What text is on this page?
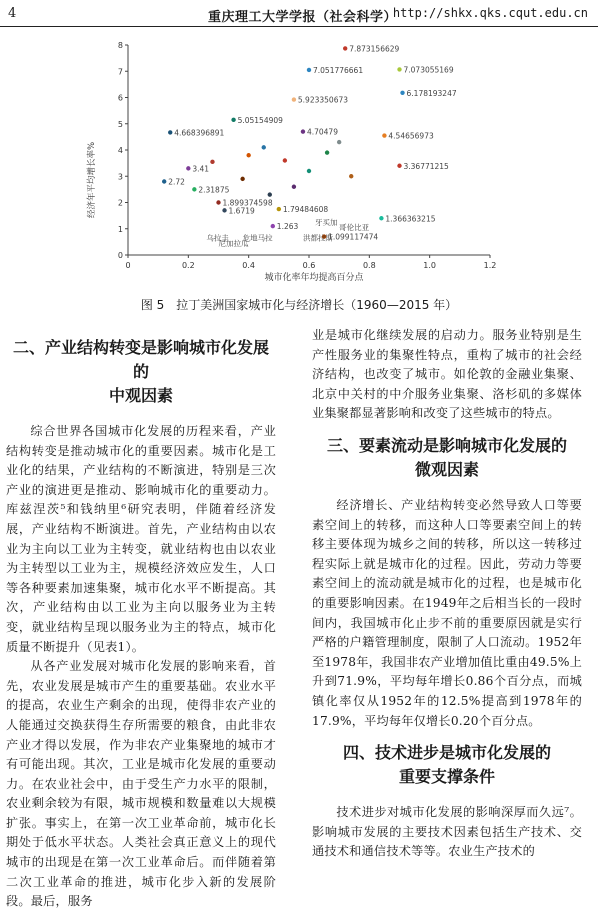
4	重庆理工大学学报（社会科学）
http://shkx.qks.cqut.edu.cn
0	0.2	0.4	0.6	0.8	1.0	1.2
0
1
2
3
4
5
6
7
8	7.873156629
7.051776661	7.073055169
5.923350673
6.178193247
4.668396891
5.05154909
4.70479	4.54656973
3.36771215
3.41
2.72
2.31875
1.899374598
1.6719	1.79484608
1.366363215
1.263
1.099117474
乌拉圭 危地马拉	洪都拉斯
尼加拉瓜
哥伦比亚
牙买加
经济年平均增长率%
城市化率年均提高百分点
图 5　拉丁美洲国家城市化与经济增长（1960—2015 年）
二、产业结构转变是影响城市化发展的
中观因素

综合世界各国城市化发展的历程来看，产业结构转变是推动城市化的重要因素。城市化是工业化的结果，产业结构的不断演进，特别是三次产业的演进更是推动、影响城市化的重要动力。库兹涅茨⁵和钱纳里⁶研究表明，伴随着经济发展，产业结构不断演进。首先，产业结构由以农业为主向以工业为主转变，就业结构也由以农业为主转型以工业为主，规模经济效应发生，人口等各种要素加速集聚，城市化水平不断提高。其次，产业结构由以工业为主向以服务业为主转变，就业结构呈现以服务业为主的特点，城市化质量不断提升（见表1）。

从各产业发展对城市化发展的影响来看，首先，农业发展是城市产生的重要基础。农业水平的提高，农业生产剩余的出现，使得非农产业的人能通过交换获得生存所需要的粮食，由此非农产业才得以发展，作为非农产业集聚地的城市才有可能出现。其次，工业是城市化发展的重要动力。在农业社会中，由于受生产力水平的限制，农业剩余较为有限，城市规模和数量难以大规模扩张。事实上，在第一次工业革命前，城市化长期处于低水平状态。人类社会真正意义上的现代城市的出现是在第一次工业革命后。而伴随着第二次工业革命的推进，城市化步入新的发展阶段。最后，服务

业是城市化继续发展的启动力。服务业特别是生产性服务业的集聚性特点，重构了城市的社会经济结构，也改变了城市。如伦敦的金融业集聚、北京中关村的中介服务业集聚、洛杉矶的多媒体业集聚都显著影响和改变了这些城市的特点。

三、要素流动是影响城市化发展的
微观因素

经济增长、产业结构转变必然导致人口等要素空间上的转移，而这种人口等要素空间上的转移主要体现为城乡之间的转移，所以这一转移过程实际上就是城市化的过程。因此，劳动力等要素空间上的流动就是城市化的过程，也是城市化的重要影响因素。在1949年之后相当长的一段时间内，我国城市化止步不前的重要原因就是实行严格的户籍管理制度，限制了人口流动。1952年至1978年，我国非农产业增加值比重由49.5%上升到71.9%，平均每年增长0.86个百分点，而城镇化率仅从1952年的12.5%提高到1978年的17.9%，平均每年仅增长0.20个百分点。

四、技术进步是城市化发展的
重要支撑条件

技术进步对城市化发展的影响深厚而久远⁷。影响城市发展的主要技术因素包括生产技术、交通技术和通信技术等等。农业生产技术的
